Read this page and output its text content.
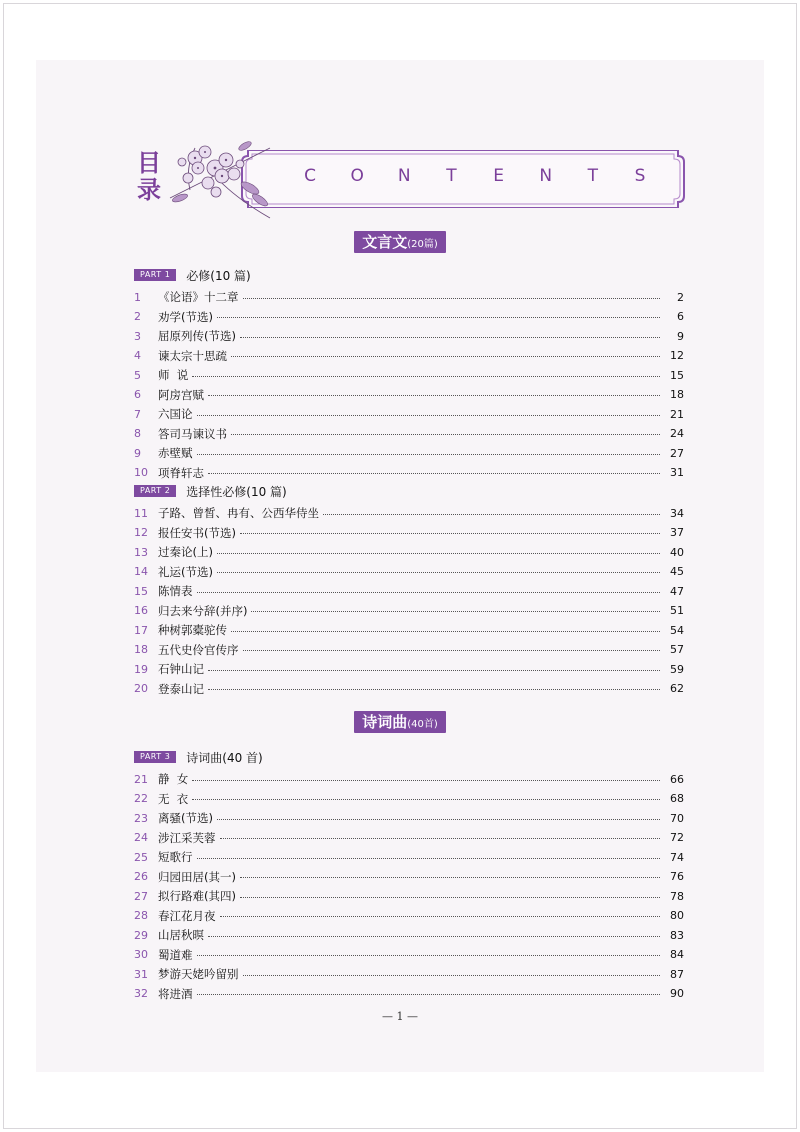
目录	C O N T E N T S
文言文(20篇)
PART 1	必修(10 篇)
PART 2	选择性必修(10 篇)
诗词曲(40首)
PART 3	诗词曲(40 首)
1	《论语》十二章	2
2	劝学(节选)	6
3	屈原列传(节选)	9
4	谏太宗十思疏	12
5	师  说	15
6	阿房宫赋	18
7	六国论	21
8	答司马谏议书	24
9	赤壁赋	27
10 项脊轩志	31
11 子路、曾皙、冉有、公西华侍坐	34
12 报任安书(节选)	37
13 过秦论(上)	40
14 礼运(节选)	45
15 陈情表	47
16 归去来兮辞(并序)	51
17 种树郭橐驼传	54
18 五代史伶官传序	57
19 石钟山记	59
20 登泰山记	62
21 静  女	66
22 无  衣	68
23 离骚(节选)	70
24 涉江采芙蓉	72
25 短歌行	74
26 归园田居(其一)	76
27 拟行路难(其四)	78
28 春江花月夜	80
29 山居秋暝	83
30 蜀道难	84
31 梦游天姥吟留别	87
32 将进酒	90
— 1 —
